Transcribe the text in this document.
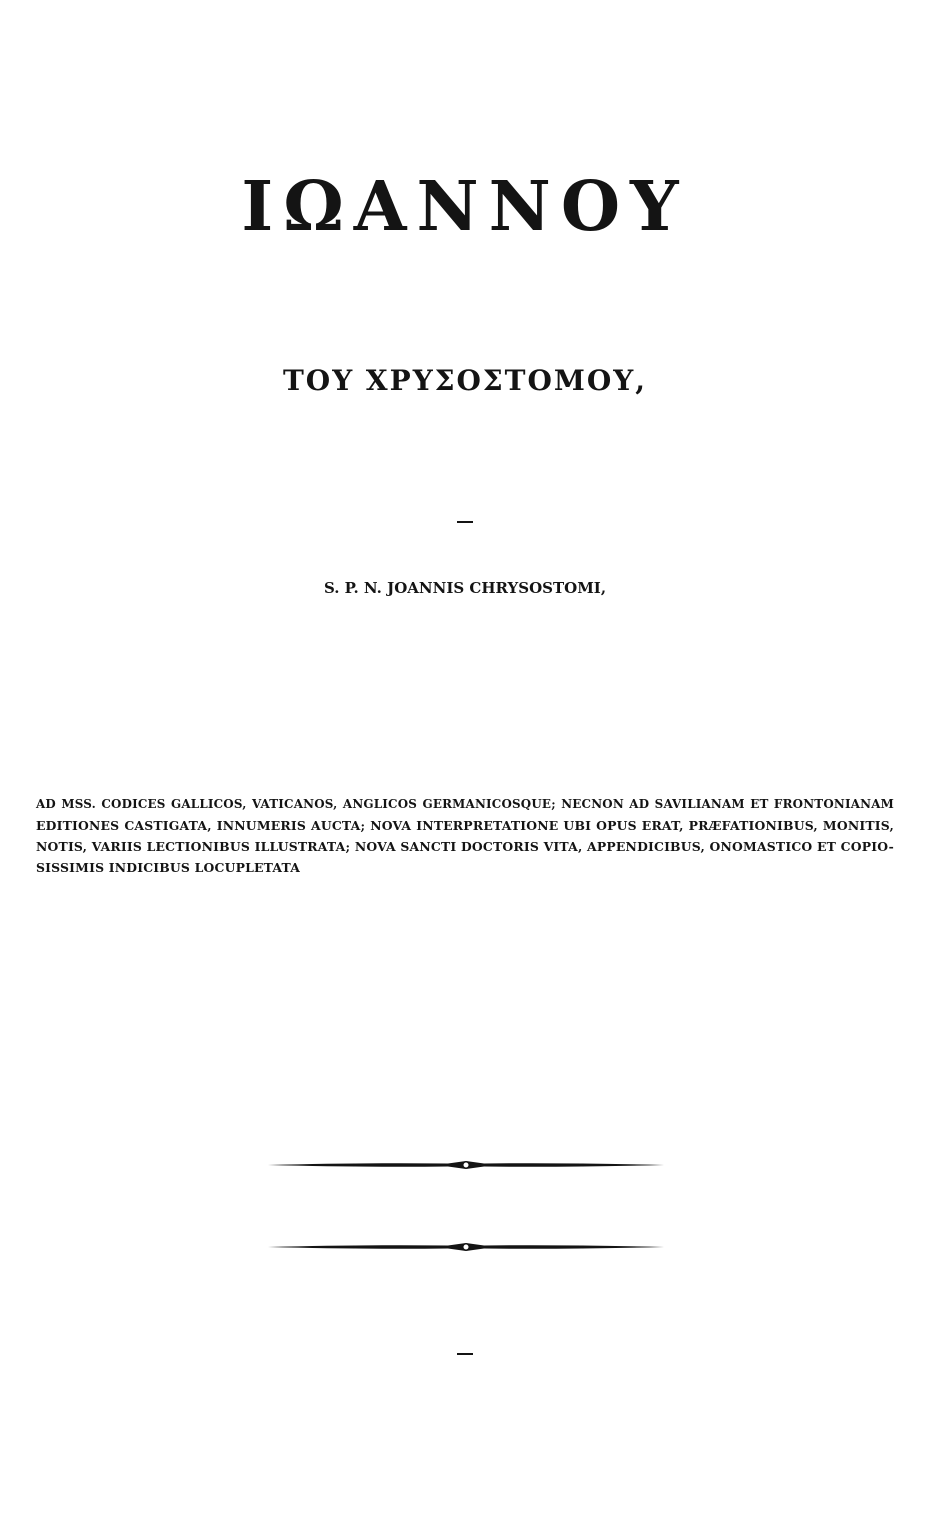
ΙΩΑΝΝΟΥ
ΤΟΥ ΧΡΥΣΟΣΤΟΜΟΥ,
S. P. N. JOANNIS CHRYSOSTOMI,
AD MSS. CODICES GALLICOS, VATICANOS, ANGLICOS GERMANICOSQUE; NECNON AD SAVILIANAM ET FRONTONIANAM
EDITIONES CASTIGATA, INNUMERIS AUCTA; NOVA INTERPRETATIONE UBI OPUS ERAT, PRÆFATIONIBUS, MONITIS,
NOTIS, VARIIS LECTIONIBUS ILLUSTRATA; NOVA SANCTI DOCTORIS VITA, APPENDICIBUS, ONOMASTICO ET COPIO-
SISSIMIS INDICIBUS LOCUPLETATA
